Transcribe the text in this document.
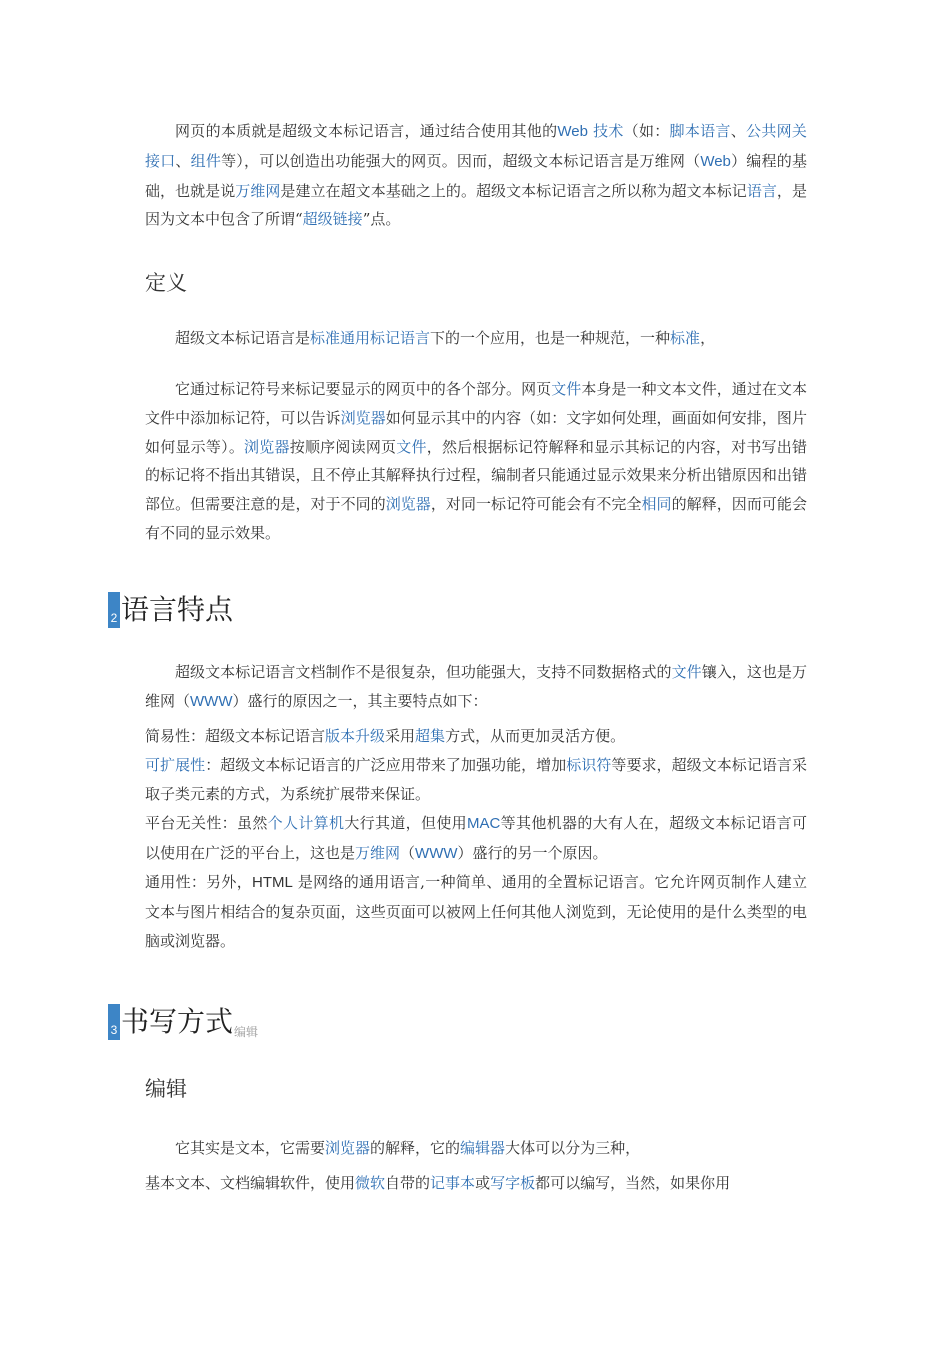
网页的本质就是超级文本标记语言，通过结合使用其他的Web 技术（如：脚本语言、公共网关接口、组件等），可以创造出功能强大的网页。因而，超级文本标记语言是万维网（Web）编程的基础，也就是说万维网是建立在超文本基础之上的。超级文本标记语言之所以称为超文本标记语言，是因为文本中包含了所谓“超级链接”点。

定义

超级文本标记语言是标准通用标记语言下的一个应用，也是一种规范，一种标准，

它通过标记符号来标记要显示的网页中的各个部分。网页文件本身是一种文本文件，通过在文本文件中添加标记符，可以告诉浏览器如何显示其中的内容（如：文字如何处理，画面如何安排，图片如何显示等）。浏览器按顺序阅读网页文件，然后根据标记符解释和显示其标记的内容，对书写出错的标记将不指出其错误，且不停止其解释执行过程，编制者只能通过显示效果来分析出错原因和出错部位。但需要注意的是，对于不同的浏览器，对同一标记符可能会有不完全相同的解释，因而可能会有不同的显示效果。

2 语言特点

超级文本标记语言文档制作不是很复杂，但功能强大，支持不同数据格式的文件镶入，这也是万维网（WWW）盛行的原因之一，其主要特点如下：

简易性：超级文本标记语言版本升级采用超集方式，从而更加灵活方便。

可扩展性：超级文本标记语言的广泛应用带来了加强功能，增加标识符等要求，超级文本标记语言采取子类元素的方式，为系统扩展带来保证。

平台无关性：虽然个人计算机大行其道，但使用MAC等其他机器的大有人在，超级文本标记语言可以使用在广泛的平台上，这也是万维网（WWW）盛行的另一个原因。

通用性：另外，HTML 是网络的通用语言,一种简单、通用的全置标记语言。它允许网页制作人建立文本与图片相结合的复杂页面，这些页面可以被网上任何其他人浏览到，无论使用的是什么类型的电脑或浏览器。

3 书写方式 编辑
编辑

它其实是文本，它需要浏览器的解释，它的编辑器大体可以分为三种，

基本文本、文档编辑软件，使用微软自带的记事本或写字板都可以编写，当然，如果你用
